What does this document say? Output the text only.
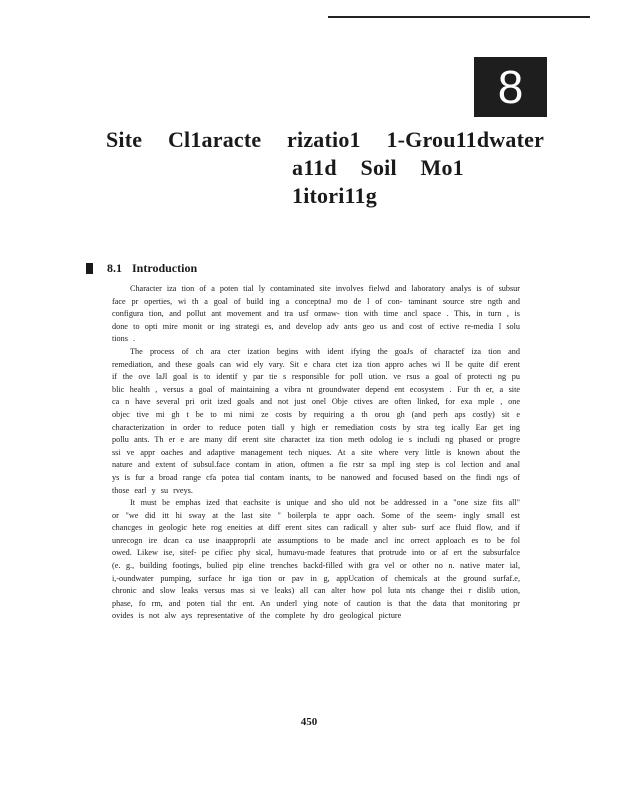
8
Site Cl1aracte rizatio1 1-Grou11dwater
a11d Soil Mo1 1itori11g
8.1 Introduction

Character iza tion of a poten tial ly contaminated site involves fielwd and laboratory analys is of subsur face pr operties, wi th a goal of build ing a conceptnaJ mo de l of con- taminant source stre ngth and configura tion, and pollut ant movement and tra usf ormaw- tion with time ancl space . This, in turn , is done to opti mire monit or ing strategi es, and develop adv ants geo us and cost of ective re-media l solu tions .

The process of ch ara cter ization begins with ident ifying the goaJs of charactef iza tion and remediation, and these goals can wid ely vary. Sit e chara ctet iza tion appro aches wi ll be quite dif erent if the ove laJl goal is to identif y par tie s responsible for poll ution. ve rsus a goal of protecti ng pu blic health , versus a goal of maintaining a vibra nt groundwater depend ent ecosystem . Fur th er, a site ca n have several pri orit ized goals and not just onel Obje ctives are often linked, for exa mple , one objec tive mi gh t be to mi nimi ze costs by requiring a th orou gh (and perh aps costly) sit e characterization in order to reduce poten tiall y high er remediation costs by stra teg ically Ear get ing pollu ants. Th er e are many dif erent site charactet iza tion meth odolog ie s includi ng phased or progre ssi ve appr oaches and adaptive management tech niques. At a site where very little is known about the nature and extent of subsul.face contam in ation, oftmen a fie rstr sa mpl ing step is col lection and anal ys is fur a broad range cfa potea tial contam inants, to be nanowed and focused based on the findi ngs of those earl y su rveys.

It must be emphas ized that eachsite is unique and sho uld not be addressed in a "one size fits all" or "we did itt hi sway at the last site " boilerpla te appr oach. Some of the seem- ingly small est chancges in geologic hete rog eneities at diff erent sites can radicall y alter sub- surf ace fluid flow, and if unrecogn ire dcan ca use inaapproprli ate assumptions to be made ancl inc orrect apploach es to be fol owed. Likew ise, sitef- pe cifiec phy sical, humavu-made features that protrude into or af ert the subsurfalce (e. g., building footings, bulied pip eline trenches backd-filled with gra vel or other no n. native mater ial, i,-oundwater pumping, surface hr iga tion or pav in g, appUcation of chemicals at the ground surfaf.e, chronic and slow leaks versus mas si ve leaks) all can alter how pol luta nts change thei r dislib ution, phase, fo rm, and poten tial thr ent. An underl ying note of caution is that the data that monitoring pr ovides is not alw ays representative of the complete hy dro geological picture

450
